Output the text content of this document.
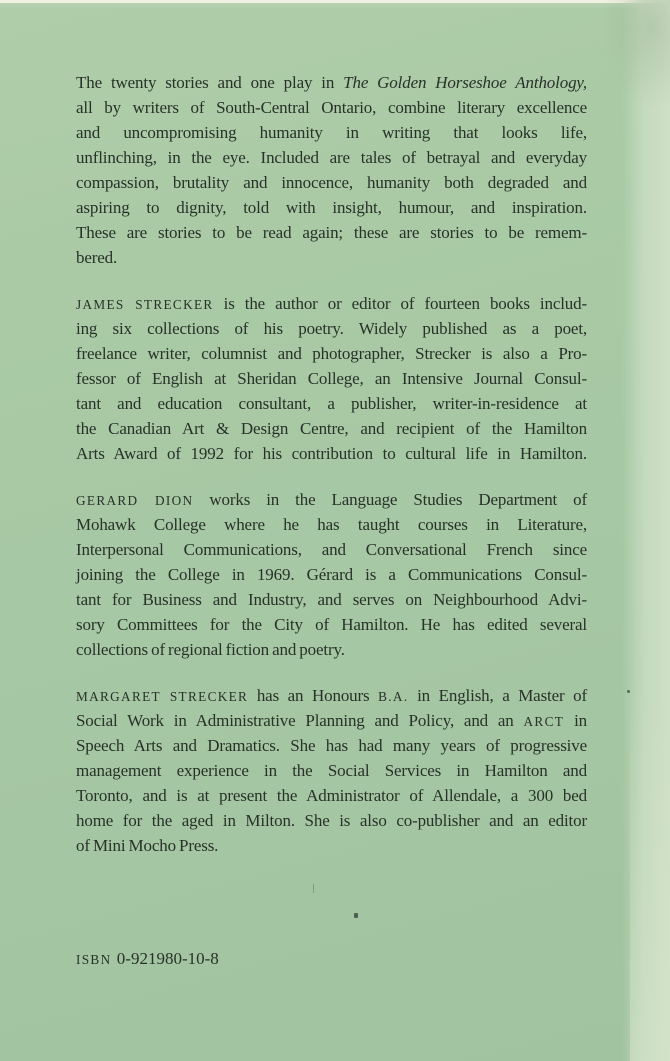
The twenty stories and one play in The Golden Horseshoe Anthology,
all by writers of South-Central Ontario, combine literary excellence
and uncompromising humanity in writing that looks life,
unflinching, in the eye. Included are tales of betrayal and everyday
compassion, brutality and innocence, humanity both degraded and
aspiring to dignity, told with insight, humour, and inspiration.
These are stories to be read again; these are stories to be remem-
bered.
JAMES STRECKER is the author or editor of fourteen books includ-
ing six collections of his poetry. Widely published as a poet,
freelance writer, columnist and photographer, Strecker is also a Pro-
fessor of English at Sheridan College, an Intensive Journal Consul-
tant and education consultant, a publisher, writer-in-residence at
the Canadian Art & Design Centre, and recipient of the Hamilton
Arts Award of 1992 for his contribution to cultural life in Hamilton.
GERARD DION works in the Language Studies Department of
Mohawk College where he has taught courses in Literature,
Interpersonal Communications, and Conversational French since
joining the College in 1969. Gérard is a Communications Consul-
tant for Business and Industry, and serves on Neighbourhood Advi-
sory Committees for the City of Hamilton. He has edited several
collections of regional fiction and poetry.
MARGARET STRECKER has an Honours B.A. in English, a Master of
Social Work in Administrative Planning and Policy, and an ARCT in
Speech Arts and Dramatics. She has had many years of progressive
management experience in the Social Services in Hamilton and
Toronto, and is at present the Administrator of Allendale, a 300 bed
home for the aged in Milton. She is also co-publisher and an editor
of Mini Mocho Press.
ISBN 0-921980-10-8
